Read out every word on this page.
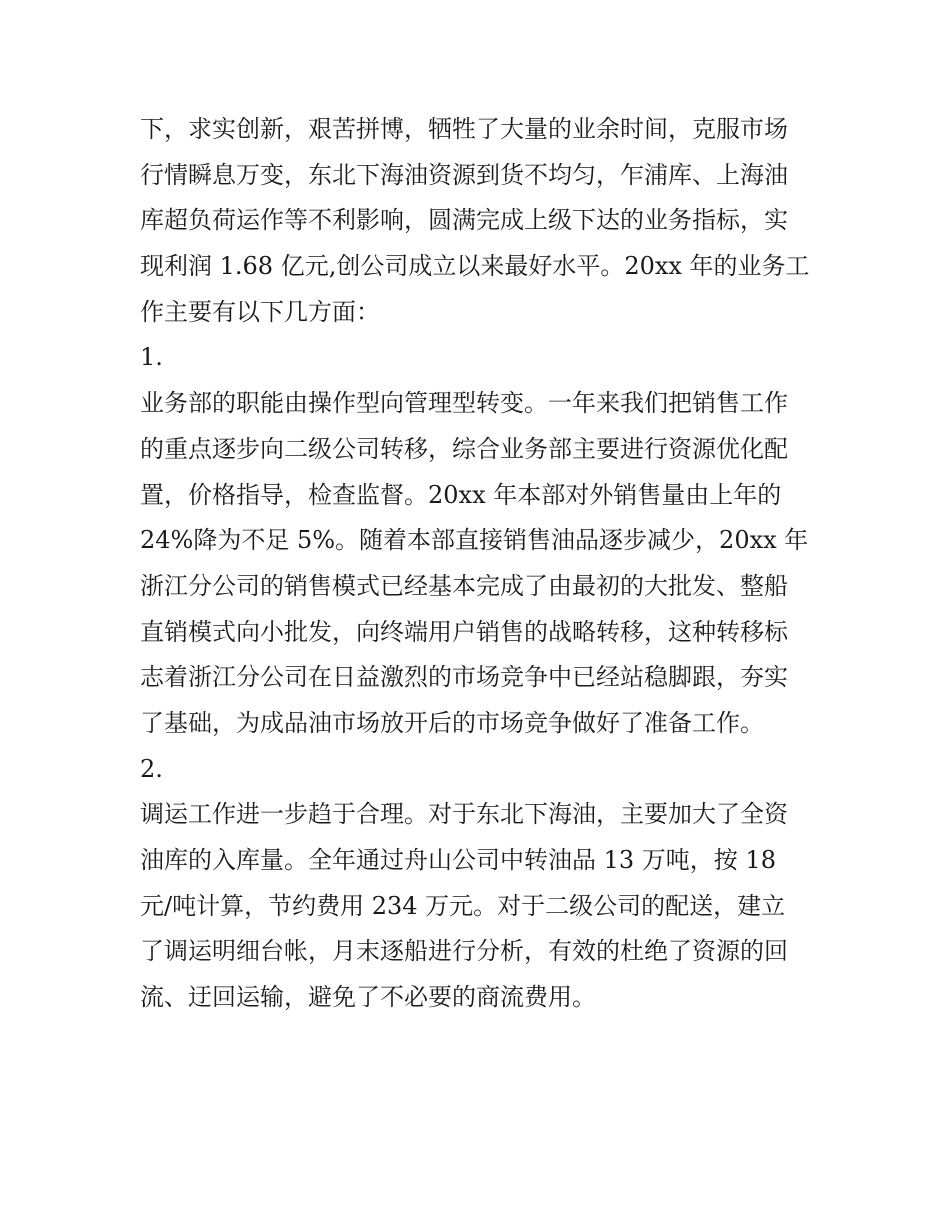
下，求实创新，艰苦拼博，牺牲了大量的业余时间，克服市场
行情瞬息万变，东北下海油资源到货不均匀，乍浦库、上海油
库超负荷运作等不利影响，圆满完成上级下达的业务指标，实
现利润 1.68 亿元,创公司成立以来最好水平。20xx 年的业务工
作主要有以下几方面：
1.
业务部的职能由操作型向管理型转变。一年来我们把销售工作
的重点逐步向二级公司转移，综合业务部主要进行资源优化配
置，价格指导，检查监督。20xx 年本部对外销售量由上年的
24%降为不足 5%。随着本部直接销售油品逐步减少，20xx 年
浙江分公司的销售模式已经基本完成了由最初的大批发、整船
直销模式向小批发，向终端用户销售的战略转移，这种转移标
志着浙江分公司在日益激烈的市场竞争中已经站稳脚跟，夯实
了基础，为成品油市场放开后的市场竞争做好了准备工作。
2.
调运工作进一步趋于合理。对于东北下海油，主要加大了全资
油库的入库量。全年通过舟山公司中转油品 13 万吨，按 18
元/吨计算，节约费用 234 万元。对于二级公司的配送，建立
了调运明细台帐，月末逐船进行分析，有效的杜绝了资源的回
流、迂回运输，避免了不必要的商流费用。
